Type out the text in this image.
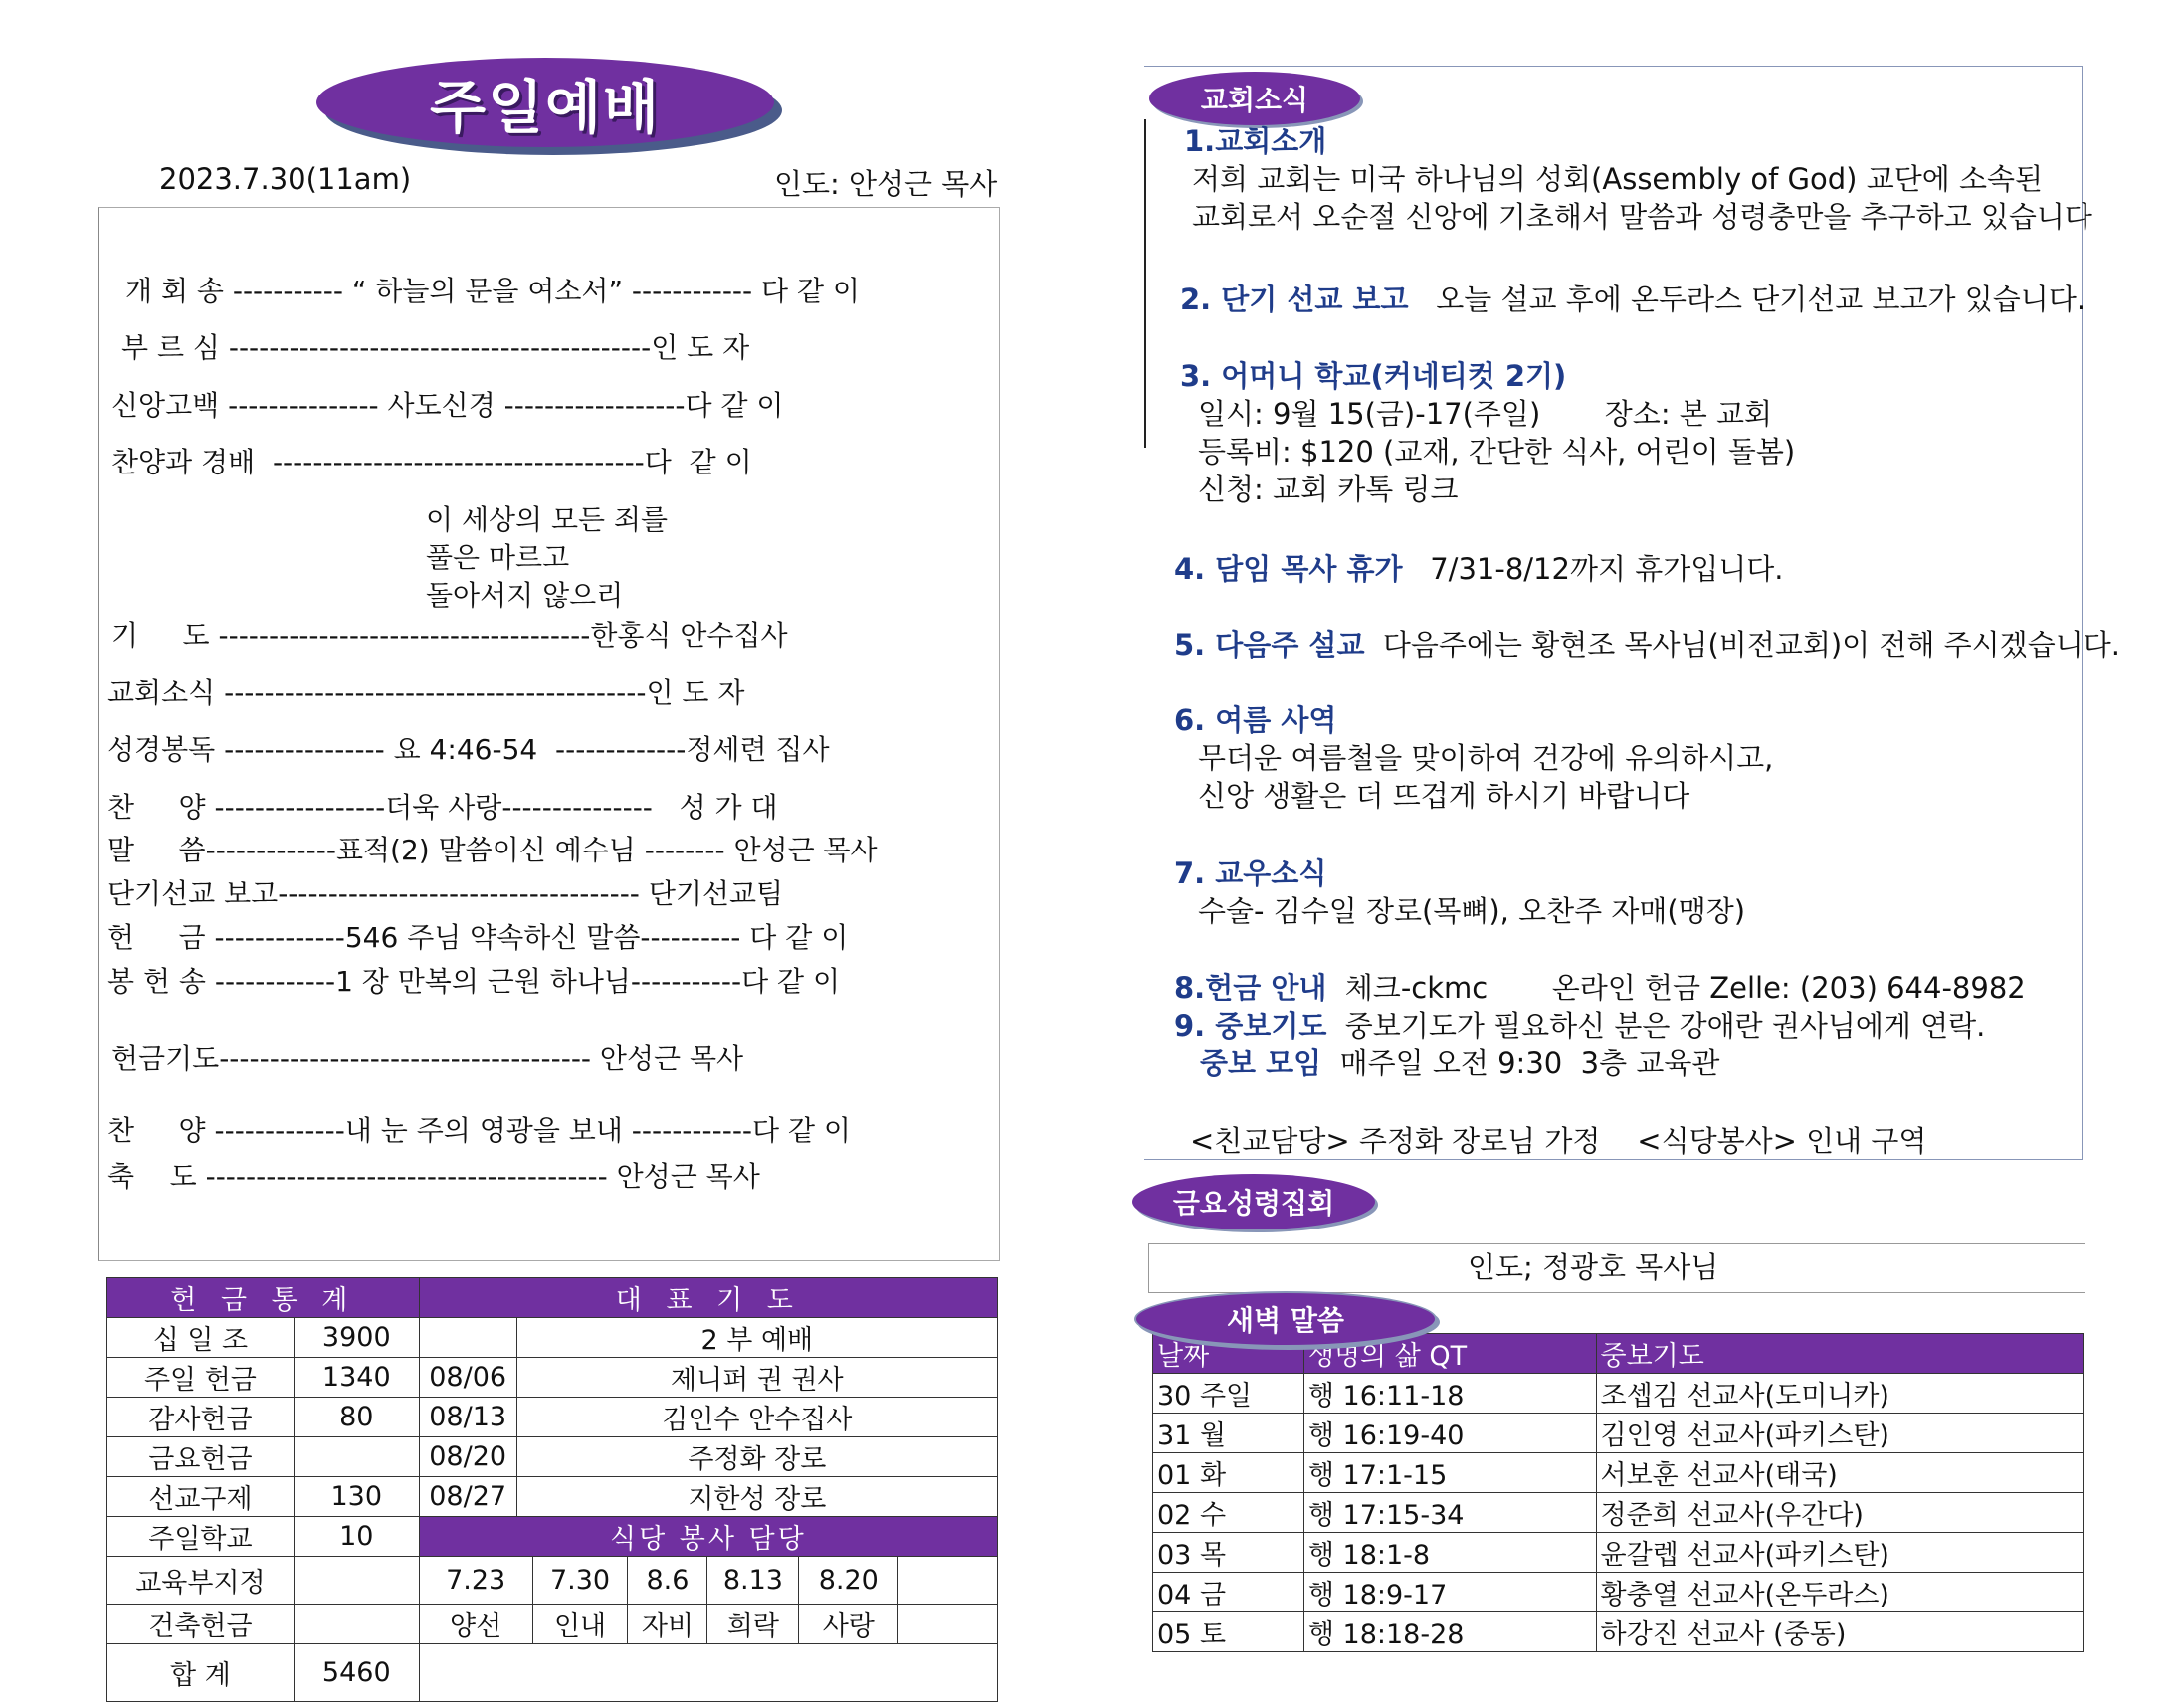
주일예배
2023.7.30(11am)	인도: 안성근 목사
개 회 송 ----------- “ 하늘의 문을 여소서” ------------ 다 같 이
부 르 심 ------------------------------------------인 도 자
신앙고백 --------------- 사도신경 ------------------다 같 이
찬양과 경배  -------------------------------------다  같 이
이 세상의 모든 죄를
풀은 마르고
돌아서지 않으리
기     도 -------------------------------------한홍식 안수집사
교회소식 ------------------------------------------인 도 자
성경봉독 ---------------- 요 4:46-54  -------------정세련 집사
찬     양 -----------------더욱 사랑---------------   성 가 대
말     씀-------------표적(2) 말씀이신 예수님 -------- 안성근 목사
단기선교 보고------------------------------------ 단기선교팀
헌     금 -------------546 주님 약속하신 말씀---------- 다 같 이
봉 헌 송 ------------1 장 만복의 근원 하나님-----------다 같 이
헌금기도------------------------------------- 안성근 목사
찬     양 -------------내 눈 주의 영광을 보내 ------------다 같 이
축    도 ---------------------------------------- 안성근 목사
헌 금 통 계		대 표 기 도						
십 일 조	3900		2 부 예배					
주일 헌금	1340	08/06	제니퍼 권 권사					
감사헌금	80	08/13	김인수 안수집사					
금요헌금		08/20	주정화 장로					
선교구제	130	08/27	지한성 장로					
주일학교	10	식당 봉사 담당						
교육부지정		7.23		7.30	8.6	8.13	8.20	
건축헌금		양선		인내	자비	희락	사랑	
합 계	5460							
교회소식
1.교회소개
저희 교회는 미국 하나님의 성회(Assembly of God) 교단에 소속된
교회로서 오순절 신앙에 기초해서 말씀과 성령충만을 추구하고 있습니다
2. 단기 선교 보고   오늘 설교 후에 온두라스 단기선교 보고가 있습니다.
3. 어머니 학교(커네티컷 2기)
일시: 9월 15(금)-17(주일)       장소: 본 교회
등록비: $120 (교재, 간단한 식사, 어린이 돌봄)
신청: 교회 카톡 링크
4. 담임 목사 휴가   7/31-8/12까지 휴가입니다.
5. 다음주 설교  다음주에는 황현조 목사님(비전교회)이 전해 주시겠습니다.
6. 여름 사역
무더운 여름철을 맞이하여 건강에 유의하시고,
신앙 생활은 더 뜨겁게 하시기 바랍니다
7. 교우소식
수술- 김수일 장로(목뼈), 오찬주 자매(맹장)
8.헌금 안내  체크-ckmc       온라인 헌금 Zelle: (203) 644-8982
9. 중보기도  중보기도가 필요하신 분은 강애란 권사님에게 연락.
중보 모임  매주일 오전 9:30  3층 교육관
<친교담당> 주정화 장로님 가정    <식당봉사> 인내 구역
금요성령집회
인도; 정광호 목사님
날짜	생명의 삶 QT	중보기도
30 주일	행 16:11-18	조셉김 선교사(도미니카)
31 월	행 16:19-40	김인영 선교사(파키스탄)
01 화	행 17:1-15	서보훈 선교사(태국)
02 수	행 17:15-34	정준희 선교사(우간다)
03 목	행 18:1-8	윤갈렙 선교사(파키스탄)
04 금	행 18:9-17	황충열 선교사(온두라스)
05 토	행 18:18-28	하강진 선교사 (중동)
새벽 말씀
